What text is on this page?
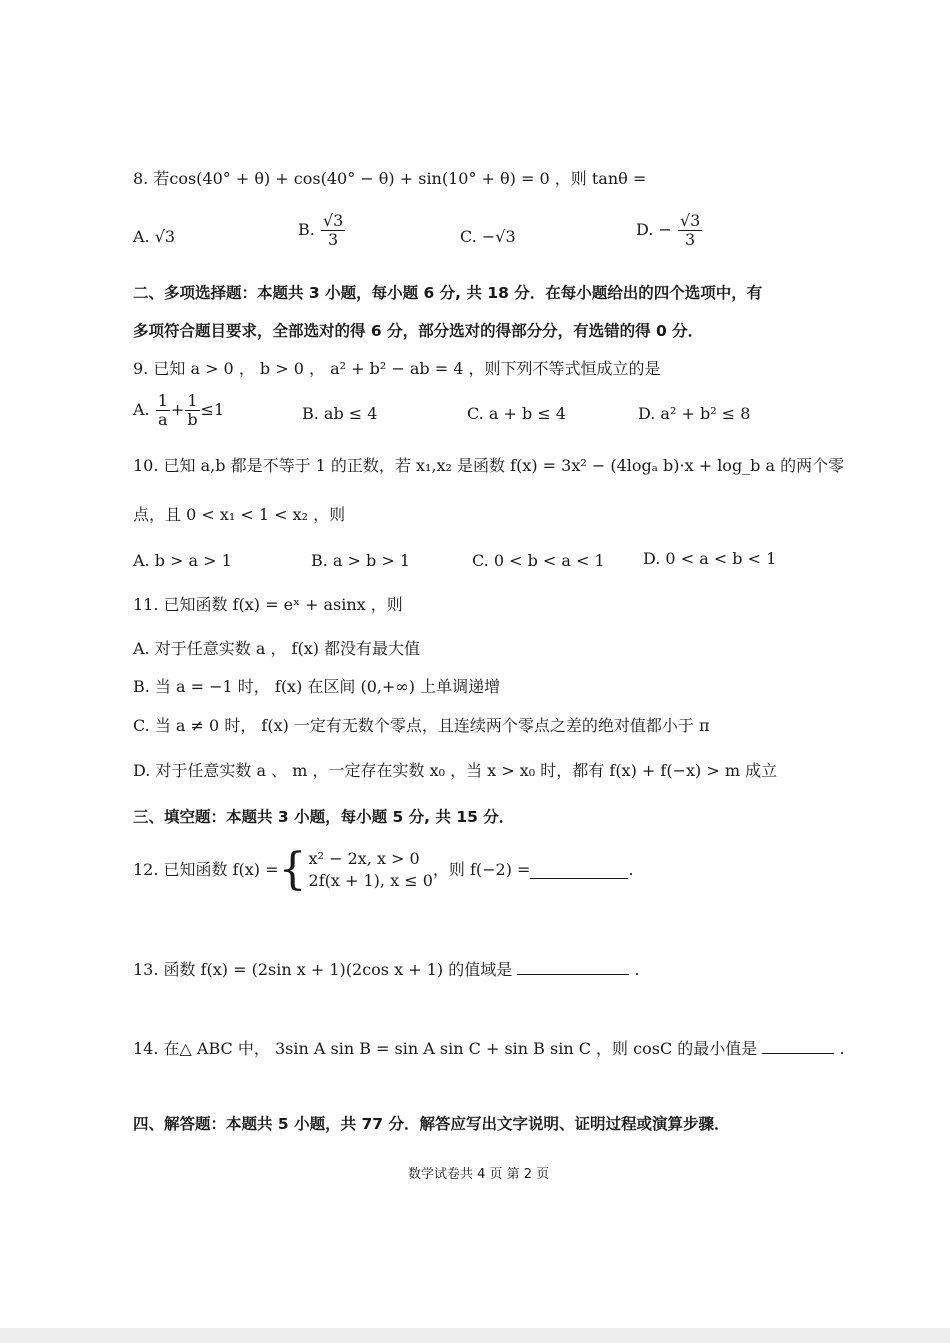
8. 若cos(40° + θ) + cos(40° − θ) + sin(10° + θ) = 0 ，则 tanθ =
A. √3	B. $\frac{√3}{3}$	C. −√3	D. − $\frac{√3}{3}$
二、多项选择题：本题共 3 小题，每小题 6 分, 共 18 分．在每小题给出的四个选项中，有
多项符合题目要求，全部选对的得 6 分，部分选对的得部分分，有选错的得 0 分．
9. 已知 a > 0 ， b > 0 ， a² + b² − ab = 4 ，则下列不等式恒成立的是
A. $\frac{1}{a} + \frac{1}{b} \le 1$	B. ab ≤ 4	C. a + b ≤ 4	D. a² + b² ≤ 8
10. 已知 a,b 都是不等于 1 的正数，若 x₁,x₂ 是函数 f(x) = 3x² − (4logₐ b)·x + log_b a 的两个零
点，且 0 < x₁ < 1 < x₂ ，则
A. b > a > 1	B. a > b > 1	C. 0 < b < a < 1 D. 0 < a < b < 1
11. 已知函数 f(x) = eˣ + asinx ，则
A. 对于任意实数 a ， f(x) 都没有最大值
B. 当 a = −1 时， f(x) 在区间 (0,+∞) 上单调递增
C. 当 a ≠ 0 时， f(x) 一定有无数个零点，且连续两个零点之差的绝对值都小于 π
D. 对于任意实数 a 、 m ，一定存在实数 x₀ ，当 x > x₀ 时，都有 f(x) + f(−x) > m 成立
三、填空题：本题共 3 小题，每小题 5 分, 共 15 分．
12. 已知函数 f(x) = { x² − 2x, x > 0
2f(x + 1), x ≤ 0
，则 f(−2) =	.
13. 函数 f(x) = (2sin x + 1)(2cos x + 1) 的值域是	.
14. 在△ ABC 中， 3sin A sin B = sin A sin C + sin B sin C ，则 cosC 的最小值是	.
四、解答题：本题共 5 小题，共 77 分．解答应写出文字说明、证明过程或演算步骤．
数学试卷共 4 页 第 2 页
